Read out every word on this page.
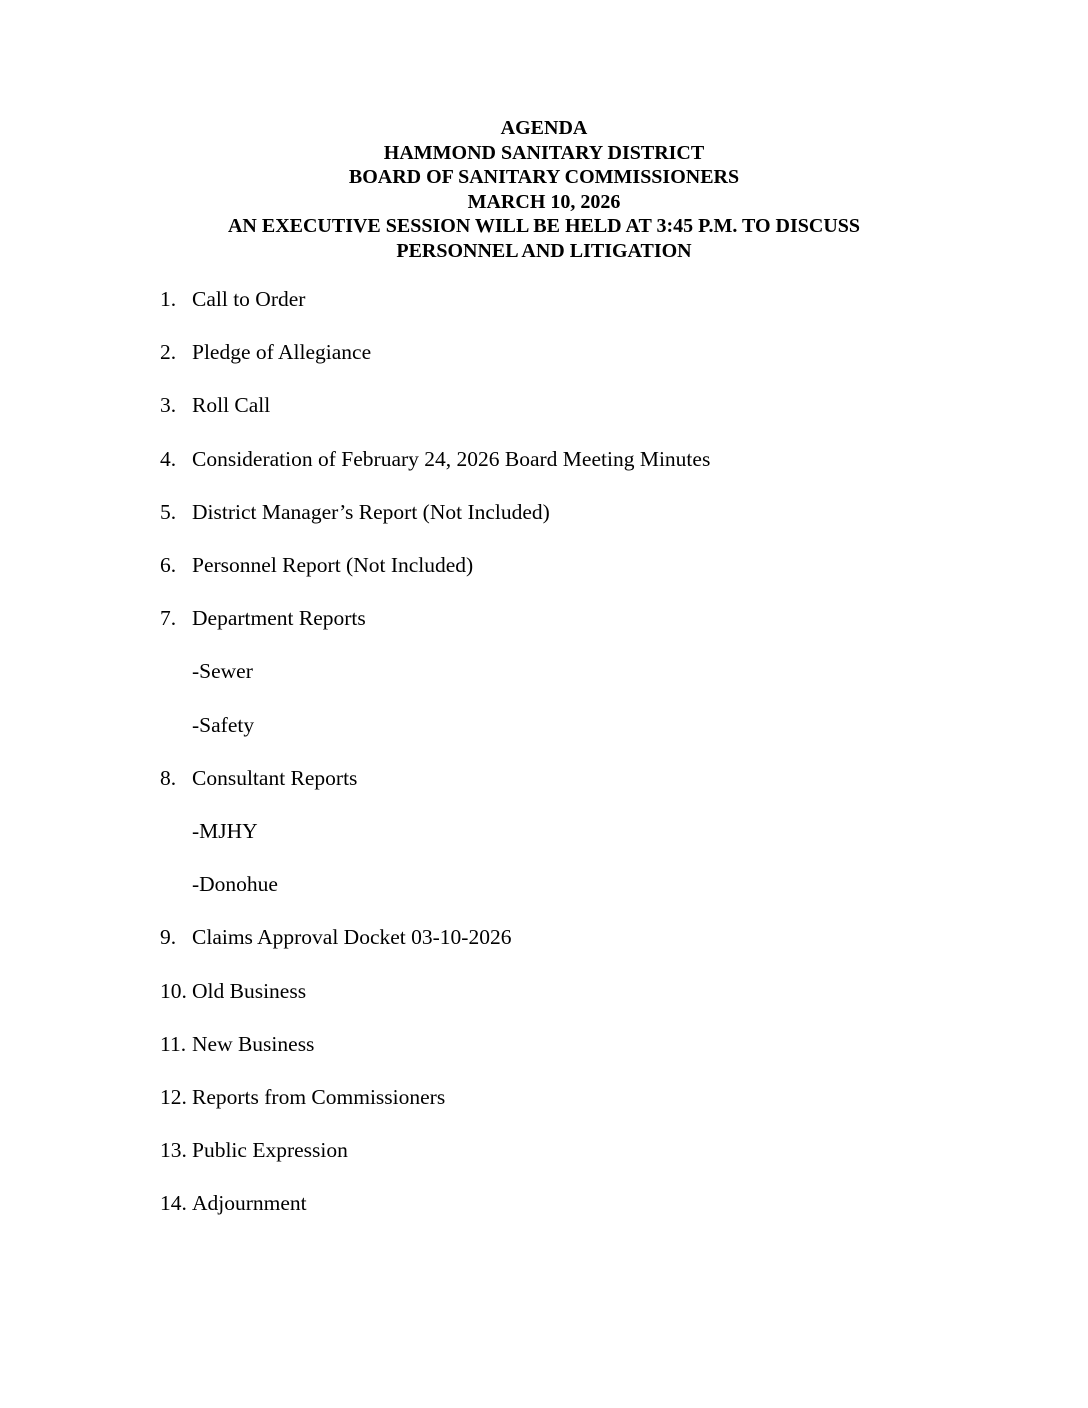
AGENDA
HAMMOND SANITARY DISTRICT
BOARD OF SANITARY COMMISSIONERS
MARCH 10, 2026
AN EXECUTIVE SESSION WILL BE HELD AT 3:45 P.M. TO DISCUSS
PERSONNEL AND LITIGATION
1. Call to Order
2. Pledge of Allegiance
3. Roll Call
4. Consideration of February 24, 2026 Board Meeting Minutes
5. District Manager’s Report (Not Included)
6. Personnel Report (Not Included)
7. Department Reports
-Sewer
-Safety
8. Consultant Reports
-MJHY
-Donohue
9. Claims Approval Docket 03-10-2026
10. Old Business
11. New Business
12. Reports from Commissioners
13. Public Expression
14. Adjournment
